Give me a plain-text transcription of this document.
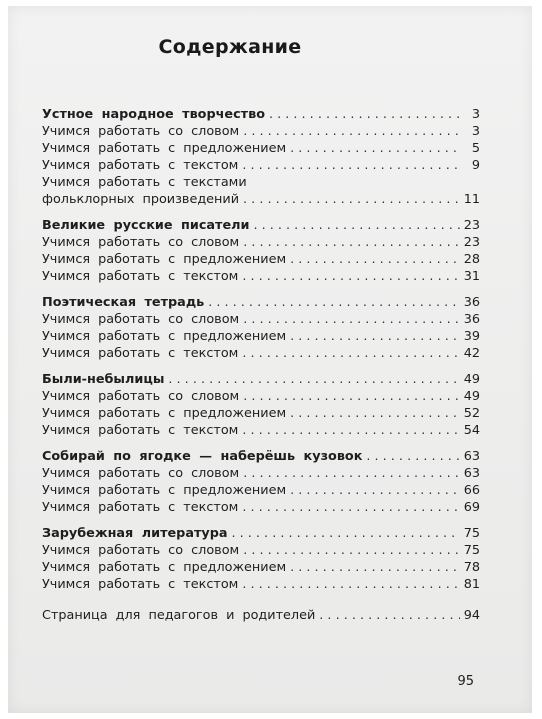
Содержание
Устное народное творчество . . .	3
Учимся работать со словом . . .	3
Учимся работать с предложением . . .	5
Учимся работать с текстом . . .	9
Учимся работать с текстами
фольклорных произведений . . .	11
Великие русские писатели . . .	23
Учимся работать со словом . . .	23
Учимся работать с предложением . . .	28
Учимся работать с текстом . . .	31
Поэтическая тетрадь . . .	36
Учимся работать со словом . . .	36
Учимся работать с предложением . . .	39
Учимся работать с текстом . . .	42
Были-небылицы . . .	49
Учимся работать со словом . . .	49
Учимся работать с предложением . . .	52
Учимся работать с текстом . . .	54
Собирай по ягодке — наберёшь кузовок . . .	63
Учимся работать со словом . . .	63
Учимся работать с предложением . . .	66
Учимся работать с текстом . . .	69
Зарубежная литература . . .	75
Учимся работать со словом . . .	75
Учимся работать с предложением . . .	78
Учимся работать с текстом . . .	81
Страница для педагогов и родителей . . .	94
95
